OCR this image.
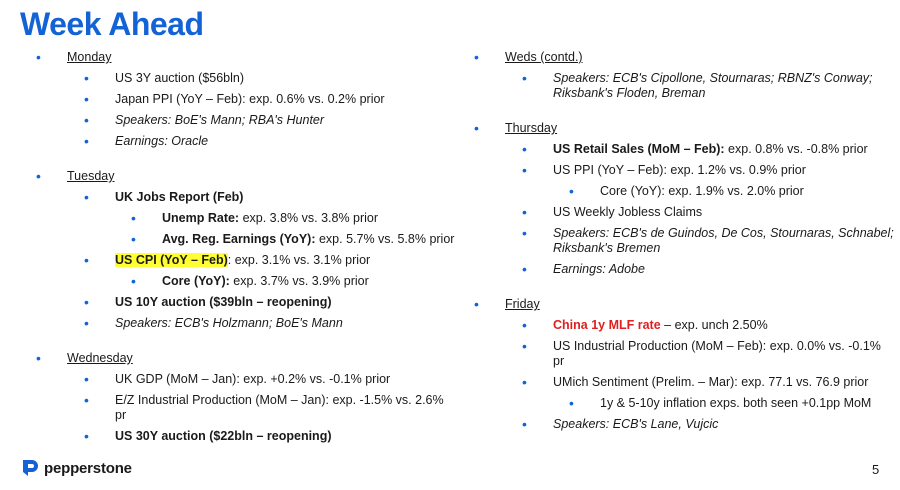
Week Ahead
• Monday
• US 3Y auction ($56bln)
• Japan PPI (YoY – Feb): exp. 0.6% vs. 0.2% prior
• Speakers: BoE's Mann; RBA's Hunter
• Earnings: Oracle
• Tuesday
• UK Jobs Report (Feb)
• Unemp Rate: exp. 3.8% vs. 3.8% prior
• Avg. Reg. Earnings (YoY): exp. 5.7% vs. 5.8% prior
• US CPI (YoY – Feb): exp. 3.1% vs. 3.1% prior
• Core (YoY): exp. 3.7% vs. 3.9% prior
• US 10Y auction ($39bln – reopening)
• Speakers: ECB's Holzmann; BoE's Mann
• Wednesday
• UK GDP (MoM – Jan): exp. +0.2% vs. -0.1% prior
• E/Z Industrial Production (MoM – Jan): exp. -1.5% vs. 2.6% pr
• US 30Y auction ($22bln – reopening)
• Weds (contd.)
• Speakers: ECB's Cipollone, Stournaras; RBNZ's Conway; Riksbank's Floden, Breman
• Thursday
• US Retail Sales (MoM – Feb): exp. 0.8% vs. -0.8% prior
• US PPI (YoY – Feb): exp. 1.2% vs. 0.9% prior
• Core (YoY): exp. 1.9% vs. 2.0% prior
• US Weekly Jobless Claims
• Speakers: ECB's de Guindos, De Cos, Stournaras, Schnabel; Riksbank's Bremen
• Earnings: Adobe
• Friday
• China 1y MLF rate – exp. unch 2.50%
• US Industrial Production (MoM – Feb): exp. 0.0% vs. -0.1% pr
• UMich Sentiment (Prelim. – Mar): exp. 77.1 vs. 76.9 prior
• 1y & 5-10y inflation exps. both seen +0.1pp MoM
• Speakers: ECB's Lane, Vujcic
pepperstone	5
